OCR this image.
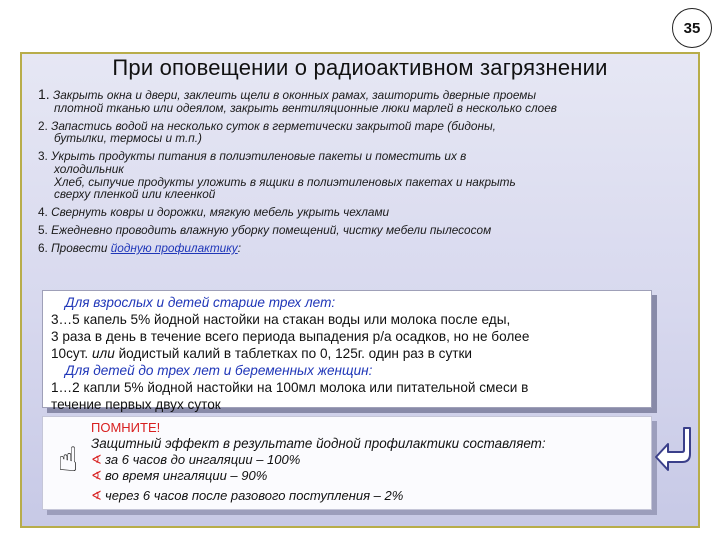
35
При оповещении о радиоактивном загрязнении
1. Закрыть окна и двери, заклеить щели в оконных рамах, зашторить дверные проемы
плотной тканью или одеялом, закрыть вентиляционные люки марлей в несколько слоев
2. Запастись водой на несколько суток в герметически закрытой таре (бидоны,
бутылки, термосы и т.п.)
3. Укрыть продукты питания в полиэтиленовые пакеты и поместить их в
холодильник
Хлеб, сыпучие продукты уложить в ящики в полиэтиленовых пакетах и накрыть
сверху пленкой или клеенкой
4. Свернуть ковры и дорожки, мягкую мебель укрыть чехлами
5. Ежедневно проводить влажную уборку помещений, чистку мебели пылесосом
6. Провести йодную профилактику:
Для взрослых и детей старше трех лет:
3…5 капель 5% йодной настойки на стакан воды или молока после еды,
3 раза в день в течение всего периода выпадения р/а осадков, но не более
10сут. или йодистый калий в таблетках по 0, 125г. один раз в сутки
Для детей до трех лет и беременных женщин:
1…2 капли 5% йодной настойки на 100мл молока или питательной смеси в
течение первых двух суток
☝
ПОМНИТЕ!
Защитный эффект в результате йодной профилактики составляет:
∢ за 6 часов до ингаляции – 100%
∢ во время ингаляции – 90%
∢ через 6 часов после разового поступления – 2%
